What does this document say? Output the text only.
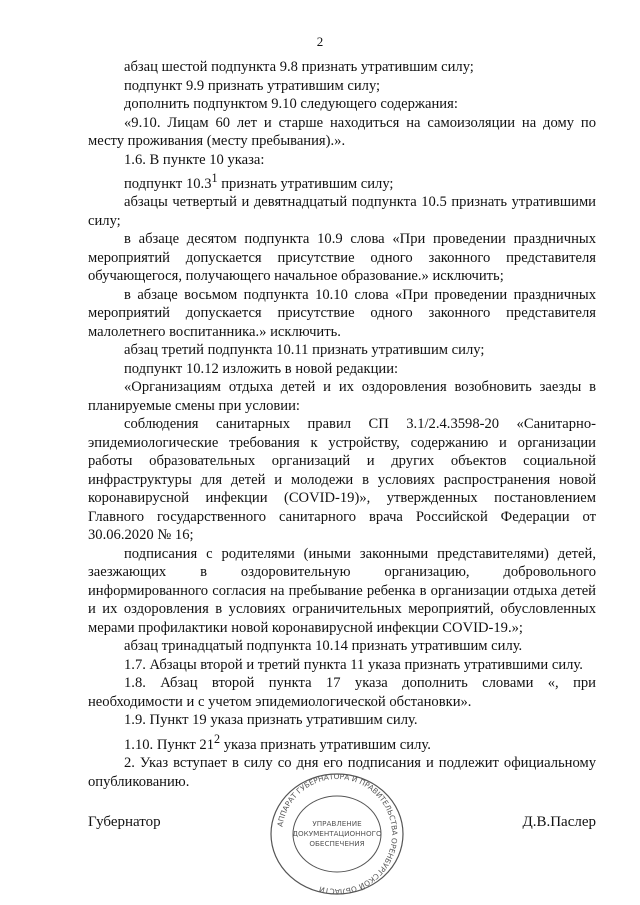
2

абзац шестой подпункта 9.8 признать утратившим силу;

подпункт 9.9 признать утратившим силу;

дополнить подпунктом 9.10 следующего содержания:

«9.10. Лицам 60 лет и старше находиться на самоизоляции на дому по месту проживания (месту пребывания).».

1.6. В пункте 10 указа:

подпункт 10.3$^1$ признать утратившим силу;

абзацы четвертый и девятнадцатый подпункта 10.5 признать утратившими силу;

в абзаце десятом подпункта 10.9 слова «При проведении праздничных мероприятий допускается присутствие одного законного представителя обучающегося, получающего начальное образование.» исключить;

в абзаце восьмом подпункта 10.10 слова «При проведении праздничных мероприятий допускается присутствие одного законного представителя малолетнего воспитанника.» исключить.

абзац третий подпункта 10.11 признать утратившим силу;

подпункт 10.12 изложить в новой редакции:

«Организациям отдыха детей и их оздоровления возобновить заезды в планируемые смены при условии:

соблюдения санитарных правил СП 3.1/2.4.3598-20 «Санитарно-эпидемиологические требования к устройству, содержанию и организации работы образовательных организаций и других объектов социальной инфраструктуры для детей и молодежи в условиях распространения новой коронавирусной инфекции (COVID-19)», утвержденных постановлением Главного государственного санитарного врача Российской Федерации от 30.06.2020 № 16;

подписания с родителями (иными законными представителями) детей, заезжающих в оздоровительную организацию, добровольного информированного согласия на пребывание ребенка в организации отдыха детей и их оздоровления в условиях ограничительных мероприятий, обусловленных мерами профилактики новой коронавирусной инфекции COVID-19.»;

абзац тринадцатый подпункта 10.14 признать утратившим силу.

1.7. Абзацы второй и третий пункта 11 указа признать утратившими силу.

1.8. Абзац второй пункта 17 указа дополнить словами «, при необходимости и с учетом эпидемиологической обстановки».

1.9. Пункт 19 указа признать утратившим силу.

1.10. Пункт $21^2$ указа признать утратившим силу.

2. Указ вступает в силу со дня его подписания и подлежит официальному опубликованию.

Губернатор	Д.В.Паслер
АППАРАТ ГУБЕРНАТОРА И ПРАВИТЕЛЬСТВА ОРЕНБУРГСКОЙ ОБЛАСТИ
УПРАВЛЕНИЕ
ДОКУМЕНТАЦИОННОГО
ОБЕСПЕЧЕНИЯ
